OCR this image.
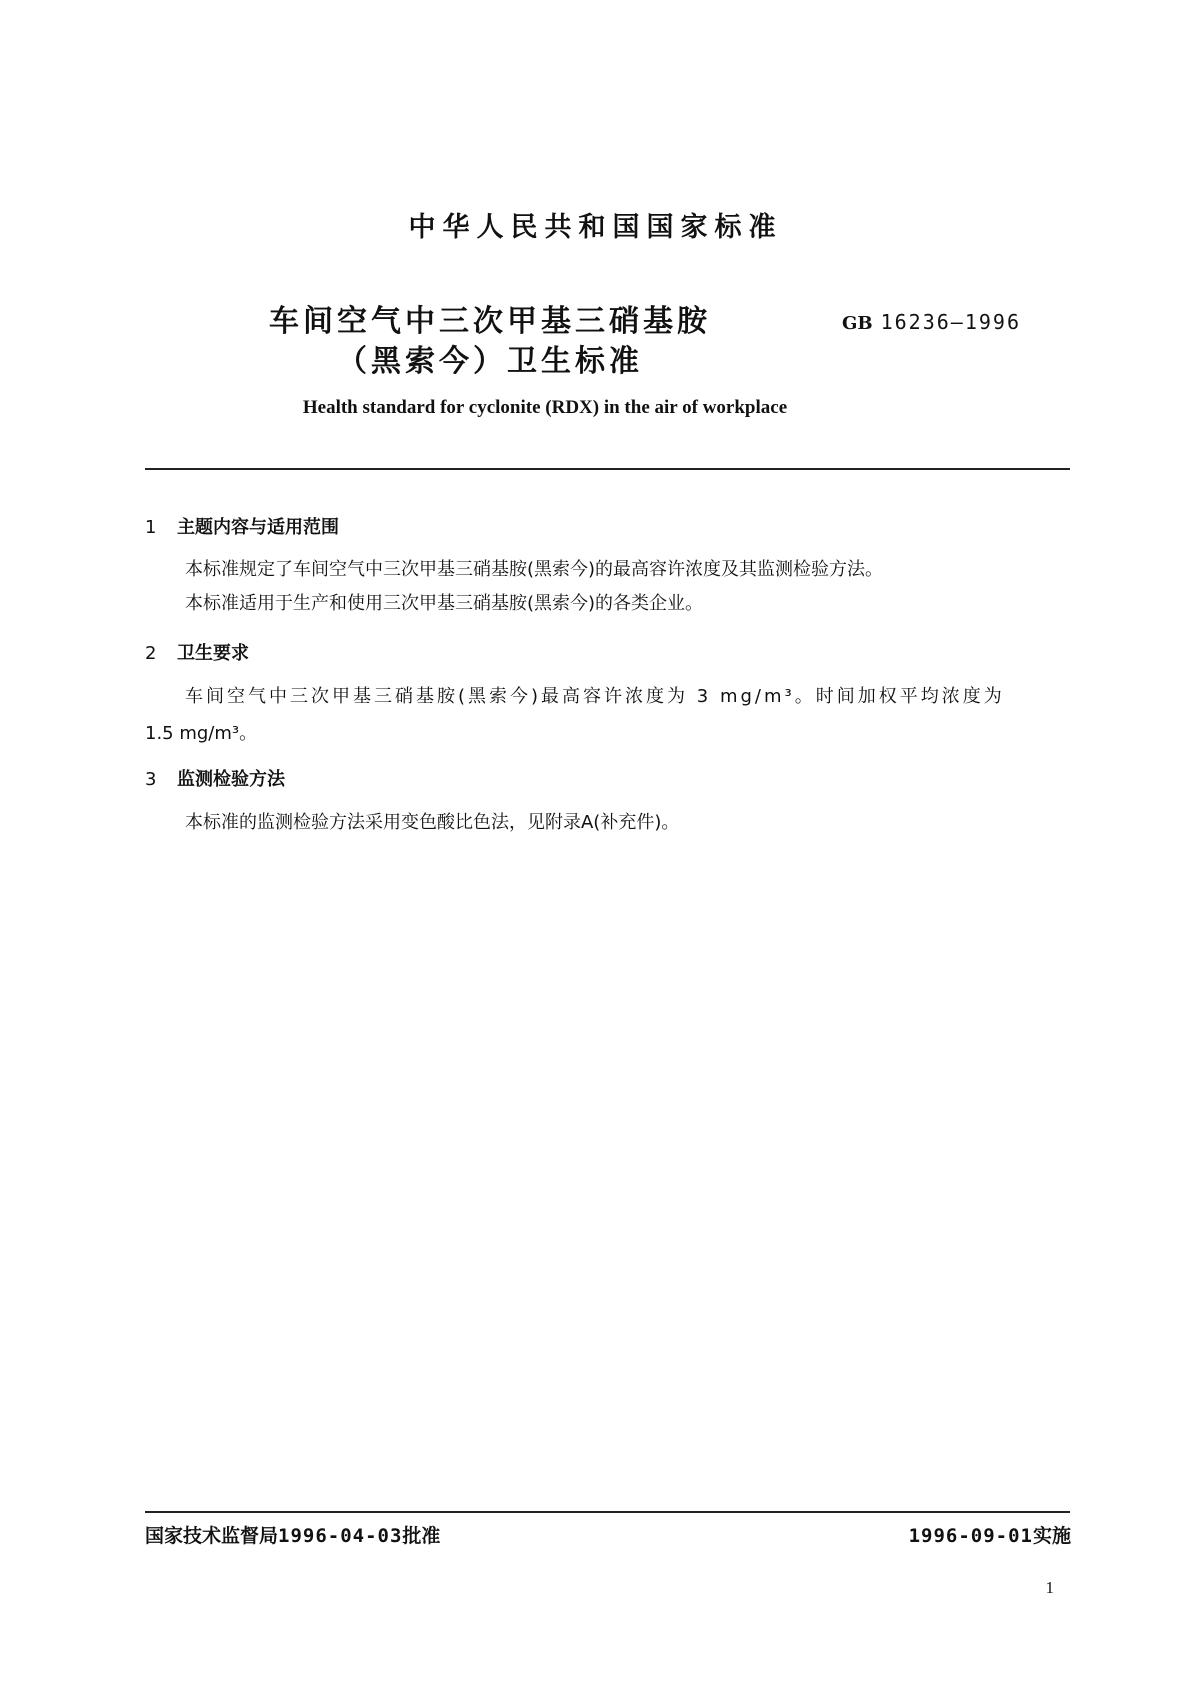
中华人民共和国国家标准
车间空气中三次甲基三硝基胺
（黑索今）卫生标准
GB 16236—1996
Health standard for cyclonite (RDX) in the air of workplace
1 主题内容与适用范围
本标准规定了车间空气中三次甲基三硝基胺(黑索今)的最高容许浓度及其监测检验方法。
本标准适用于生产和使用三次甲基三硝基胺(黑索今)的各类企业。
2 卫生要求
车间空气中三次甲基三硝基胺(黑索今)最高容许浓度为 3 mg/m³。时间加权平均浓度为
1.5 mg/m³。
3 监测检验方法
本标准的监测检验方法采用变色酸比色法，见附录A(补充件)。
国家技术监督局1996-04-03批准	1996-09-01实施
1
